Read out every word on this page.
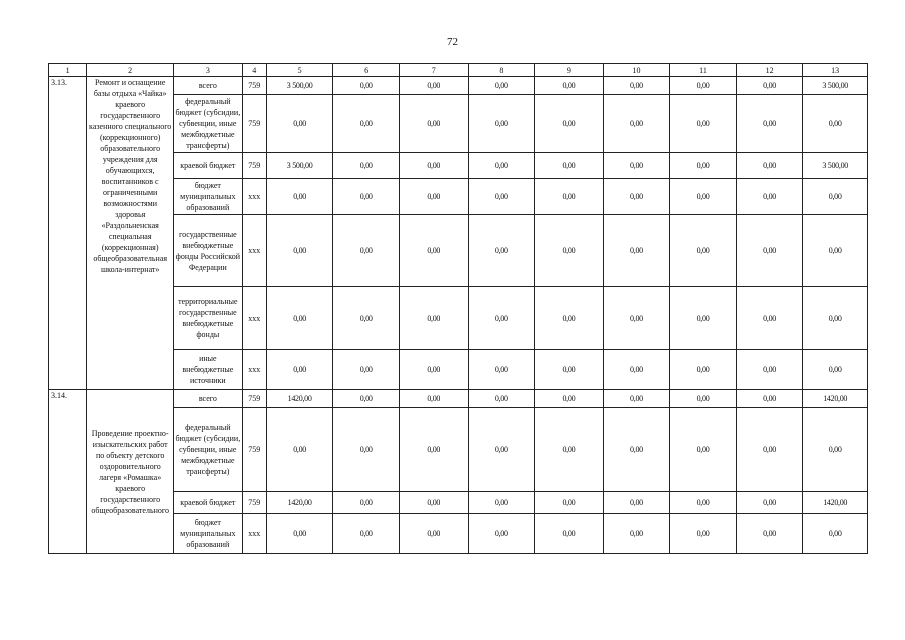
72
1	2	3	4	5	6	7	8	9	10	11	12	13
3.13.	Ремонт и оснащение базы отдыха «Чайка» краевого государственного казенного специального (коррекционного) образовательного учреждения для обучающихся, воспитанников с ограниченными возможностями здоровья «Раздольненская специальная (коррекционная) общеобразовательная школа-интернат»	всего	759	3 500,00	0,00	0,00	0,00	0,00	0,00	0,00	0,00	3 500,00
		федеральный бюджет (субсидии, субвенции, иные межбюджетные трансферты)	759	0,00	0,00	0,00	0,00	0,00	0,00	0,00	0,00	0,00
		краевой бюджет	759	3 500,00	0,00	0,00	0,00	0,00	0,00	0,00	0,00	3 500,00
		бюджет муниципальных образований	ххх	0,00	0,00	0,00	0,00	0,00	0,00	0,00	0,00	0,00
		государственные внебюджетные фонды Российской Федерации	ххх	0,00	0,00	0,00	0,00	0,00	0,00	0,00	0,00	0,00
		территориальные государственные внебюджетные фонды	ххх	0,00	0,00	0,00	0,00	0,00	0,00	0,00	0,00	0,00
		иные внебюджетные источники	ххх	0,00	0,00	0,00	0,00	0,00	0,00	0,00	0,00	0,00
3.14.	Проведение проектно-изыскательских работ по объекту детского оздоровительного лагеря «Ромашка» краевого государственного общеобразовательного	всего	759	1420,00	0,00	0,00	0,00	0,00	0,00	0,00	0,00	1420,00
		федеральный бюджет (субсидии, субвенции, иные межбюджетные трансферты)	759	0,00	0,00	0,00	0,00	0,00	0,00	0,00	0,00	0,00
		краевой бюджет	759	1420,00	0,00	0,00	0,00	0,00	0,00	0,00	0,00	1420,00
		бюджет муниципальных образований	ххх	0,00	0,00	0,00	0,00	0,00	0,00	0,00	0,00	0,00
